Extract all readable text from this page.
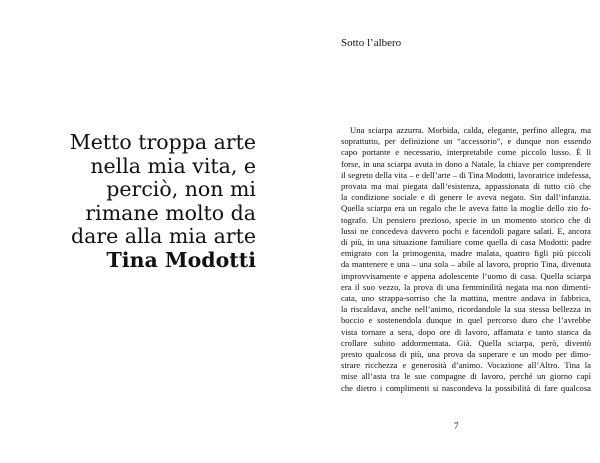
Metto troppa arte
nella mia vita, e
perciò, non mi
rimane molto da
dare alla mia arte
Tina Modotti
Sotto l’albero
Una sciarpa azzurra. Morbida, calda, elegante, perfino allegra, ma
soprattutto, per definizione un “accessorio”, e dunque non essendo
capo portante e necessario, interpretabile come piccolo lusso. È lì
forse, in una sciarpa avuta in dono a Natale, la chiave per comprendere
il segreto della vita – e dell’arte – di Tina Modotti, lavoratrice indefessa,
provata ma mai piegata dall’esistenza, appassionata di tutto ciò che
la condizione sociale e di genere le aveva negato. Sin dall’infanzia.
Quella sciarpa era un regalo che le aveva fatto la moglie dello zio fo-
tografo. Un pensiero prezioso, specie in un momento storico che di
lussi ne concedeva davvero pochi e facendoli pagare salati. E, ancora
di più, in una situazione familiare come quella di casa Modotti: padre
emigrato con la primogenita, madre malata, quattro figli più piccoli
da mantenere e una – una sola – abile al lavoro, proprio Tina, divenuta
improvvisamente e appena adolescente l’uomo di casa. Quella sciarpa
era il suo vezzo, la prova di una femminilità negata ma non dimenti-
cata, uno strappa-sorriso che la mattina, mentre andava in fabbrica,
la riscaldava, anche nell’animo, ricordandole la sua stessa bellezza in
boccio e sostenendola dunque in quel percorso duro che l’avrebbe
vista tornare a sera, dopo ore di lavoro, affamata e tanto stanca da
crollare subito addormentata. Già. Quella sciarpa, però, diventò
presto qualcosa di più, una prova da superare e un modo per dimo-
strare ricchezza e generosità d’animo. Vocazione all’Altro. Tina la
mise all’asta tra le sue compagne di lavoro, perché un giorno capì
che dietro i complimenti si nascondeva la possibilità di fare qualcosa
7
